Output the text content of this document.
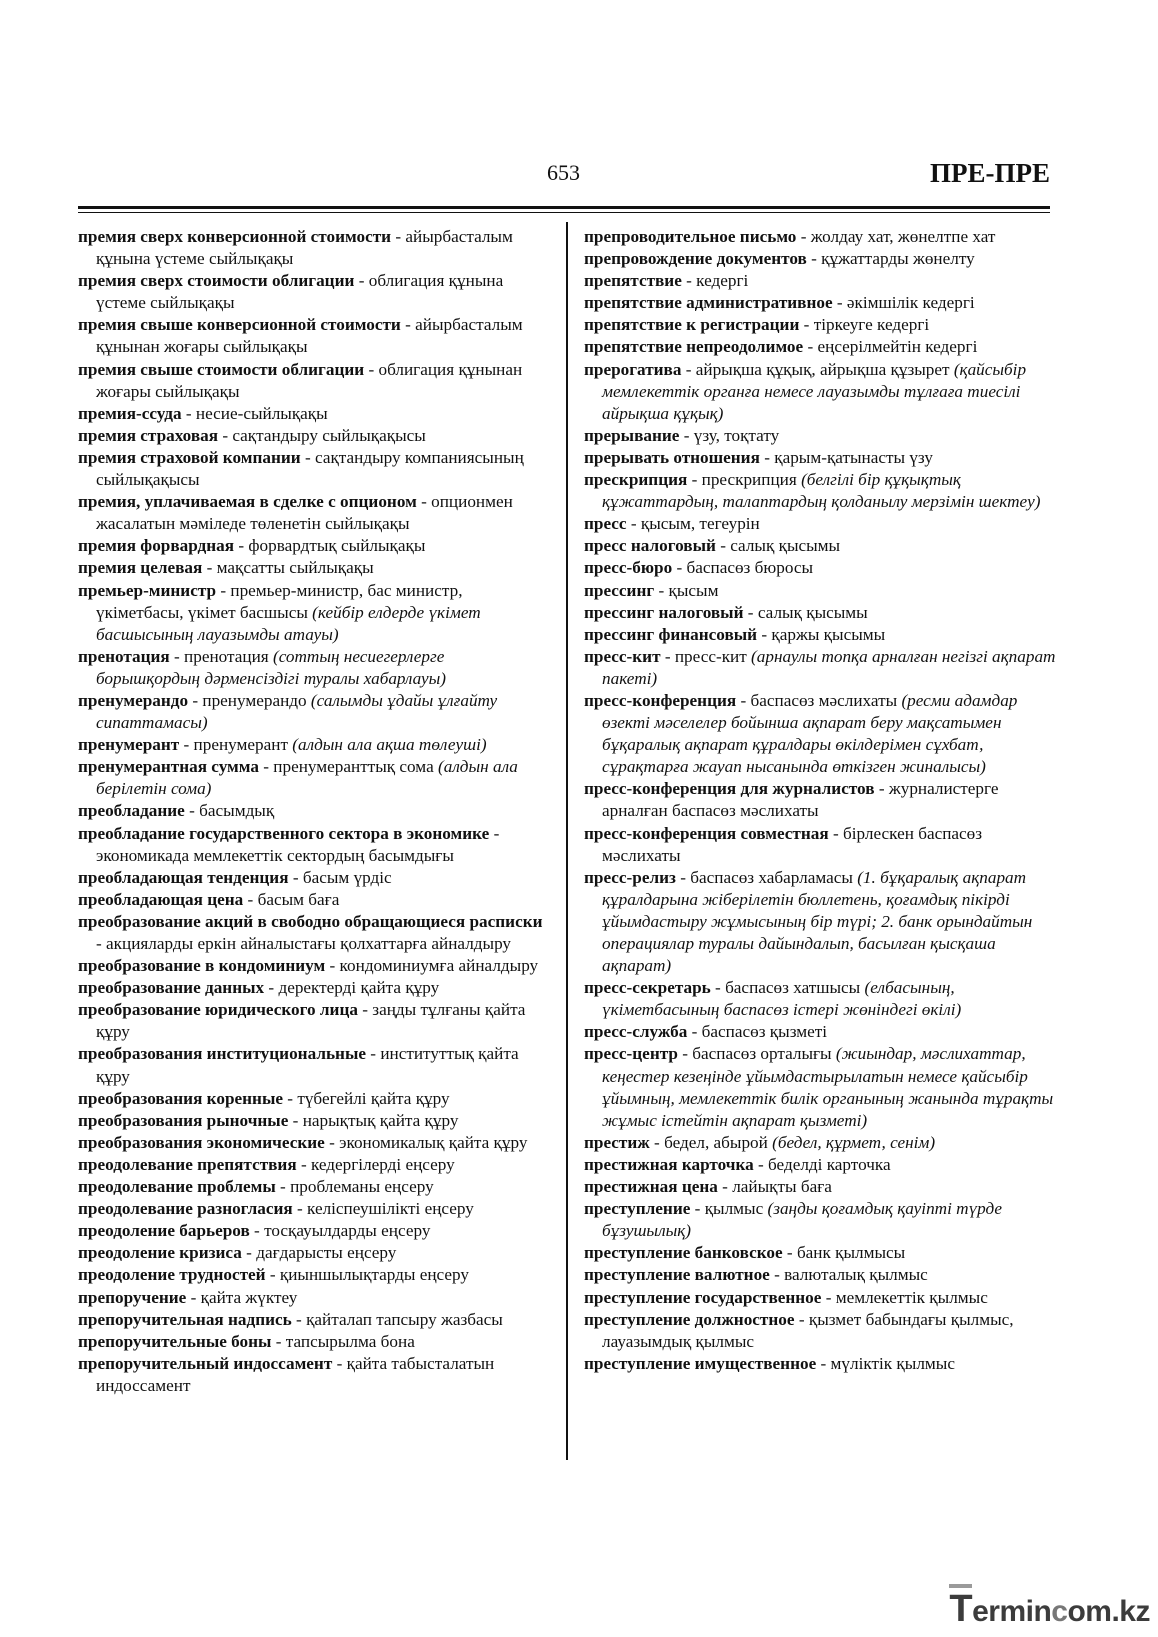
653	ПРЕ-ПРЕ

премия сверх конверсионной стоимости - айырбасталым құнына үстеме сыйлықақы

премия сверх стоимости облигации - облигация құнына үстеме сыйлықақы

премия свыше конверсионной стоимости - айырбасталым құнынан жоғары сыйлықақы

премия свыше стоимости облигации - облигация құнынан жоғары сыйлықақы

премия-ссуда - несие-сыйлықақы

премия страховая - сақтандыру сыйлықақысы

премия страховой компании - сақтандыру компаниясының сыйлықақысы

премия, уплачиваемая в сделке с опционом - опционмен жасалатын мәмiледе төленетiн сыйлықақы

премия форвардная - форвардтық сыйлықақы

премия целевая - мақсатты сыйлықақы

премьер-министр - премьер-министр, бас министр, үкiметбасы, үкiмет басшысы (кейбiр елдерде үкiмет басшысының лауазымды атауы)

пренотация - пренотация (соттың несиегерлерге борышқордың дәрменсiздiгi туралы хабарлауы)

пренумерандо - пренумерандо (салымды ұдайы ұлғайту сипаттамасы)

пренумерант - пренумерант (алдын ала ақша төлеушi)

пренумерантная сумма - пренумеранттық сома (алдын ала берiлетiн сома)

преобладание - басымдық

преобладание государственного сектора в экономике - экономикада мемлекеттiк сектордың басымдығы

преобладающая тенденция - басым үрдiс

преобладающая цена - басым баға

преобразование акций в свободно обращающиеся расписки - акцияларды еркiн айналыстағы қолхаттарға айналдыру

преобразование в кондоминиум - кондоминиумға айналдыру

преобразование данных - деректердi қайта құру

преобразование юридического лица - заңды тұлғаны қайта құру

преобразования институциональные - институттық қайта құру

преобразования коренные - түбегейлi қайта құру

преобразования рыночные - нарықтық қайта құру

преобразования экономические - экономикалық қайта құру

преодолевание препятствия - кедергiлердi еңсеру

преодолевание проблемы - проблеманы еңсеру

преодолевание разногласия - келiспеушiлiктi еңсеру

преодоление барьеров - тосқауылдарды еңсеру

преодоление кризиса - дағдарысты еңсеру

преодоление трудностей - қиыншылықтарды еңсеру

препоручение - қайта жүктеу

препоручительная надпись - қайталап тапсыру жазбасы

препоручительные боны - тапсырылма бона

препоручительный индоссамент - қайта табысталатын индоссамент

препроводительное письмо - жолдау хат, жөнелтпе хат

препровождение документов - құжаттарды жөнелту

препятствие - кедергi

препятствие административное - әкiмшiлiк кедергi

препятствие к регистрации - тiркеуге кедергi

препятствие непреодолимое - еңсерiлмейтiн кедергi

прерогатива - айрықша құқық, айрықша құзырет (қайсыбiр мемлекеттiк органға немесе лауазымды тұлғаға тиесiлi айрықша құқық)

прерывание - үзу, тоқтату

прерывать отношения - қарым-қатынасты үзу

прескрипция - прескрипция (белгiлi бiр құқықтық құжаттардың, талаптардың қолданылу мерзiмiн шектеу)

пресс - қысым, тегеурiн

пресс налоговый - салық қысымы

пресс-бюро - баспасөз бюросы

прессинг - қысым

прессинг налоговый - салық қысымы

прессинг финансовый - қаржы қысымы

пресс-кит - пресс-кит (арнаулы топқа арналған негiзгi ақпарат пакетi)

пресс-конференция - баспасөз мәслихаты (ресми адамдар өзектi мәселелер бойынша ақпарат беру мақсатымен бұқаралық ақпарат құралдары өкiлдерiмен сұхбат, сұрақтарға жауап нысанында өткiзген жиналысы)

пресс-конференция для журналистов - журналистерге арналған баспасөз мәслихаты

пресс-конференция совместная - бiрлескен баспасөз мәслихаты

пресс-релиз - баспасөз хабарламасы (1. бұқаралық ақпарат құралдарына жiберiлетiн бюллетень, қоғамдық пiкiрдi ұйымдастыру жұмысының бiр түрi; 2. банк орындайтын операциялар туралы дайындалып, басылған қысқаша ақпарат)

пресс-секретарь - баспасөз хатшысы (елбасының, үкiметбасының баспасөз iстерi жөнiндегi өкiлi)

пресс-служба - баспасөз қызметi

пресс-центр - баспасөз орталығы (жиындар, мәслихаттар, кеңестер кезеңiнде ұйымдастырылатын немесе қайсыбiр ұйымның, мемлекеттiк билiк органының жанында тұрақты жұмыс iстейтiн ақпарат қызметi)

престиж - бедел, абырой (бедел, құрмет, сенiм)

престижная карточка - беделдi карточка

престижная цена - лайықты баға

преступление - қылмыс (заңды қоғамдық қауiптi түрде бұзушылық)

преступление банковское - банк қылмысы

преступление валютное - валюталық қылмыс

преступление государственное - мемлекеттiк қылмыс

преступление должностное - қызмет бабындағы қылмыс, лауазымдық қылмыс

преступление имущественное - мүлiктiк қылмыс

Termincom.kz
